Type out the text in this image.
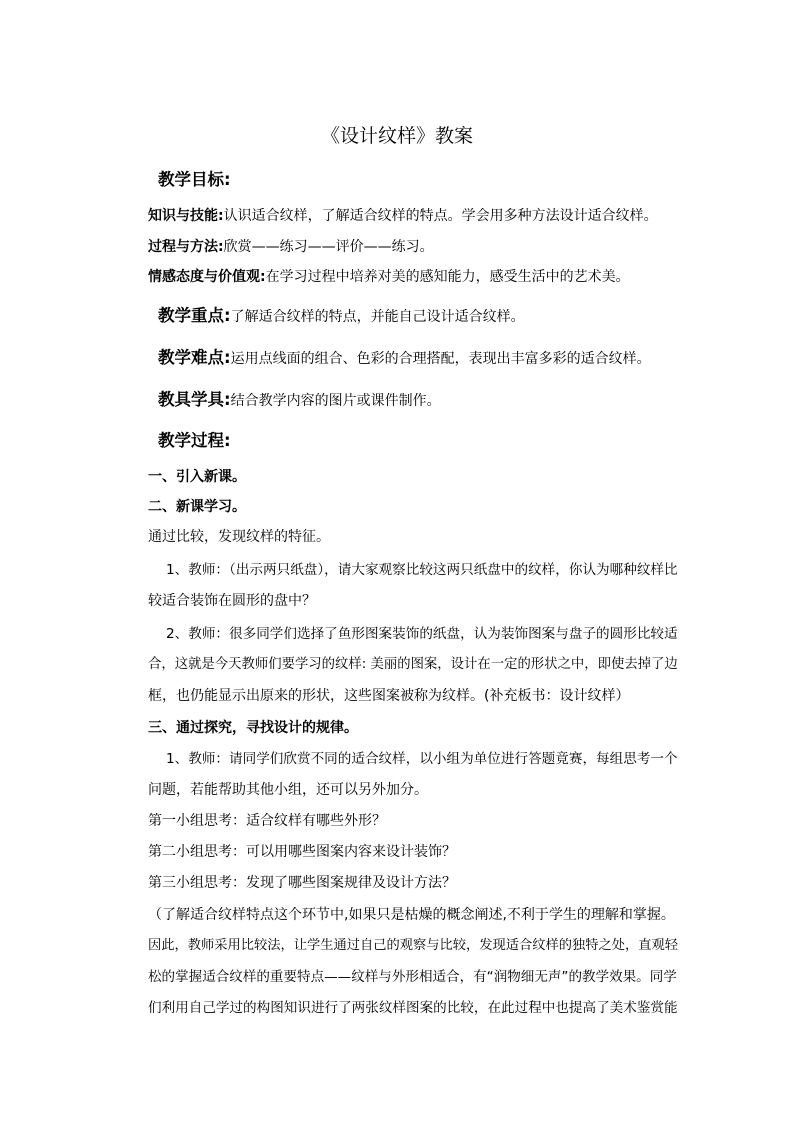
《设计纹样》教案
教学目标:
知识与技能:认识适合纹样，了解适合纹样的特点。学会用多种方法设计适合纹样。
过程与方法:欣赏——练习——评价——练习。
情感态度与价值观:在学习过程中培养对美的感知能力，感受生活中的艺术美。
教学重点:了解适合纹样的特点，并能自己设计适合纹样。
教学难点:运用点线面的组合、色彩的合理搭配，表现出丰富多彩的适合纹样。
教具学具:结合教学内容的图片或课件制作。
教学过程:
一、引入新课。
二、新课学习。
通过比较，发现纹样的特征。
1、教师：（出示两只纸盘），请大家观察比较这两只纸盘中的纹样，你认为哪种纹样比
较适合装饰在圆形的盘中？
2、教师：很多同学们选择了鱼形图案装饰的纸盘，认为装饰图案与盘子的圆形比较适
合，这就是今天教师们要学习的纹样: 美丽的图案，设计在一定的形状之中，即使去掉了边
框，也仍能显示出原来的形状，这些图案被称为纹样。(补充板书：设计纹样）
三、通过探究，寻找设计的规律。
1、教师：请同学们欣赏不同的适合纹样，以小组为单位进行答题竟赛，每组思考一个
问题，若能帮助其他小组，还可以另外加分。
第一小组思考：适合纹样有哪些外形？
第二小组思考：可以用哪些图案内容来设计装饰？
第三小组思考：发现了哪些图案规律及设计方法？
（了解适合纹样特点这个环节中,如果只是枯燥的概念阐述,不利于学生的理解和掌握。
因此，教师采用比较法，让学生通过自己的观察与比较，发现适合纹样的独特之处，直观轻
松的掌握适合纹样的重要特点——纹样与外形相适合，有“润物细无声”的教学效果。同学
们利用自己学过的构图知识进行了两张纹样图案的比较，在此过程中也提高了美术鉴赏能
